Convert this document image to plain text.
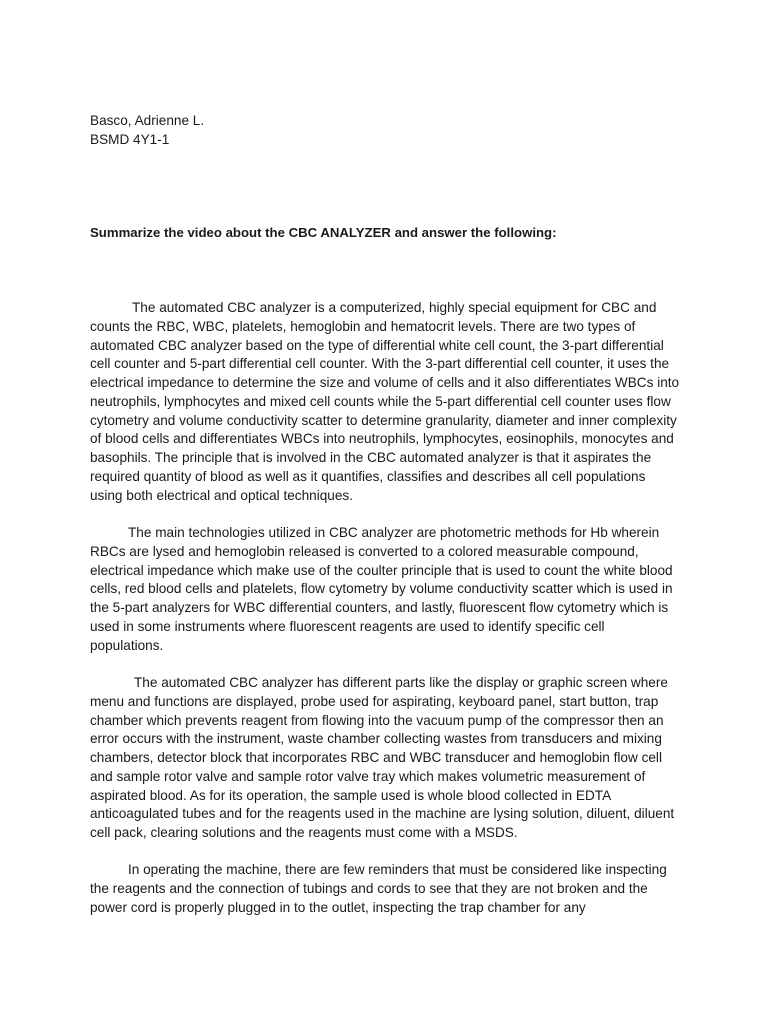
Basco, Adrienne L.

BSMD 4Y1-1

Summarize the video about the CBC ANALYZER and answer the following:

The automated CBC analyzer is a computerized, highly special equipment for CBC and counts the RBC, WBC, platelets, hemoglobin and hematocrit levels. There are two types of automated CBC analyzer based on the type of differential white cell count, the 3-part differential cell counter and 5-part differential cell counter. With the 3-part differential cell counter, it uses the electrical impedance to determine the size and volume of cells and it also differentiates WBCs into neutrophils, lymphocytes and mixed cell counts while the 5-part differential cell counter uses flow cytometry and volume conductivity scatter to determine granularity, diameter and inner complexity of blood cells and differentiates WBCs into neutrophils, lymphocytes, eosinophils, monocytes and basophils. The principle that is involved in the CBC automated analyzer is that it aspirates the required quantity of blood as well as it quantifies, classifies and describes all cell populations using both electrical and optical techniques.

The main technologies utilized in CBC analyzer are photometric methods for Hb wherein RBCs are lysed and hemoglobin released is converted to a colored measurable compound, electrical impedance which make use of the coulter principle that is used to count the white blood cells, red blood cells and platelets, flow cytometry by volume conductivity scatter which is used in the 5-part analyzers for WBC differential counters, and lastly, fluorescent flow cytometry which is used in some instruments where fluorescent reagents are used to identify specific cell populations.

The automated CBC analyzer has different parts like the display or graphic screen where menu and functions are displayed, probe used for aspirating, keyboard panel, start button, trap chamber which prevents reagent from flowing into the vacuum pump of the compressor then an error occurs with the instrument, waste chamber collecting wastes from transducers and mixing chambers, detector block that incorporates RBC and WBC transducer and hemoglobin flow cell and sample rotor valve and sample rotor valve tray which makes volumetric measurement of aspirated blood. As for its operation, the sample used is whole blood collected in EDTA anticoagulated tubes and for the reagents used in the machine are lysing solution, diluent, diluent cell pack, clearing solutions and the reagents must come with a MSDS.

In operating the machine, there are few reminders that must be considered like inspecting the reagents and the connection of tubings and cords to see that they are not broken and the power cord is properly plugged in to the outlet, inspecting the trap chamber for any
